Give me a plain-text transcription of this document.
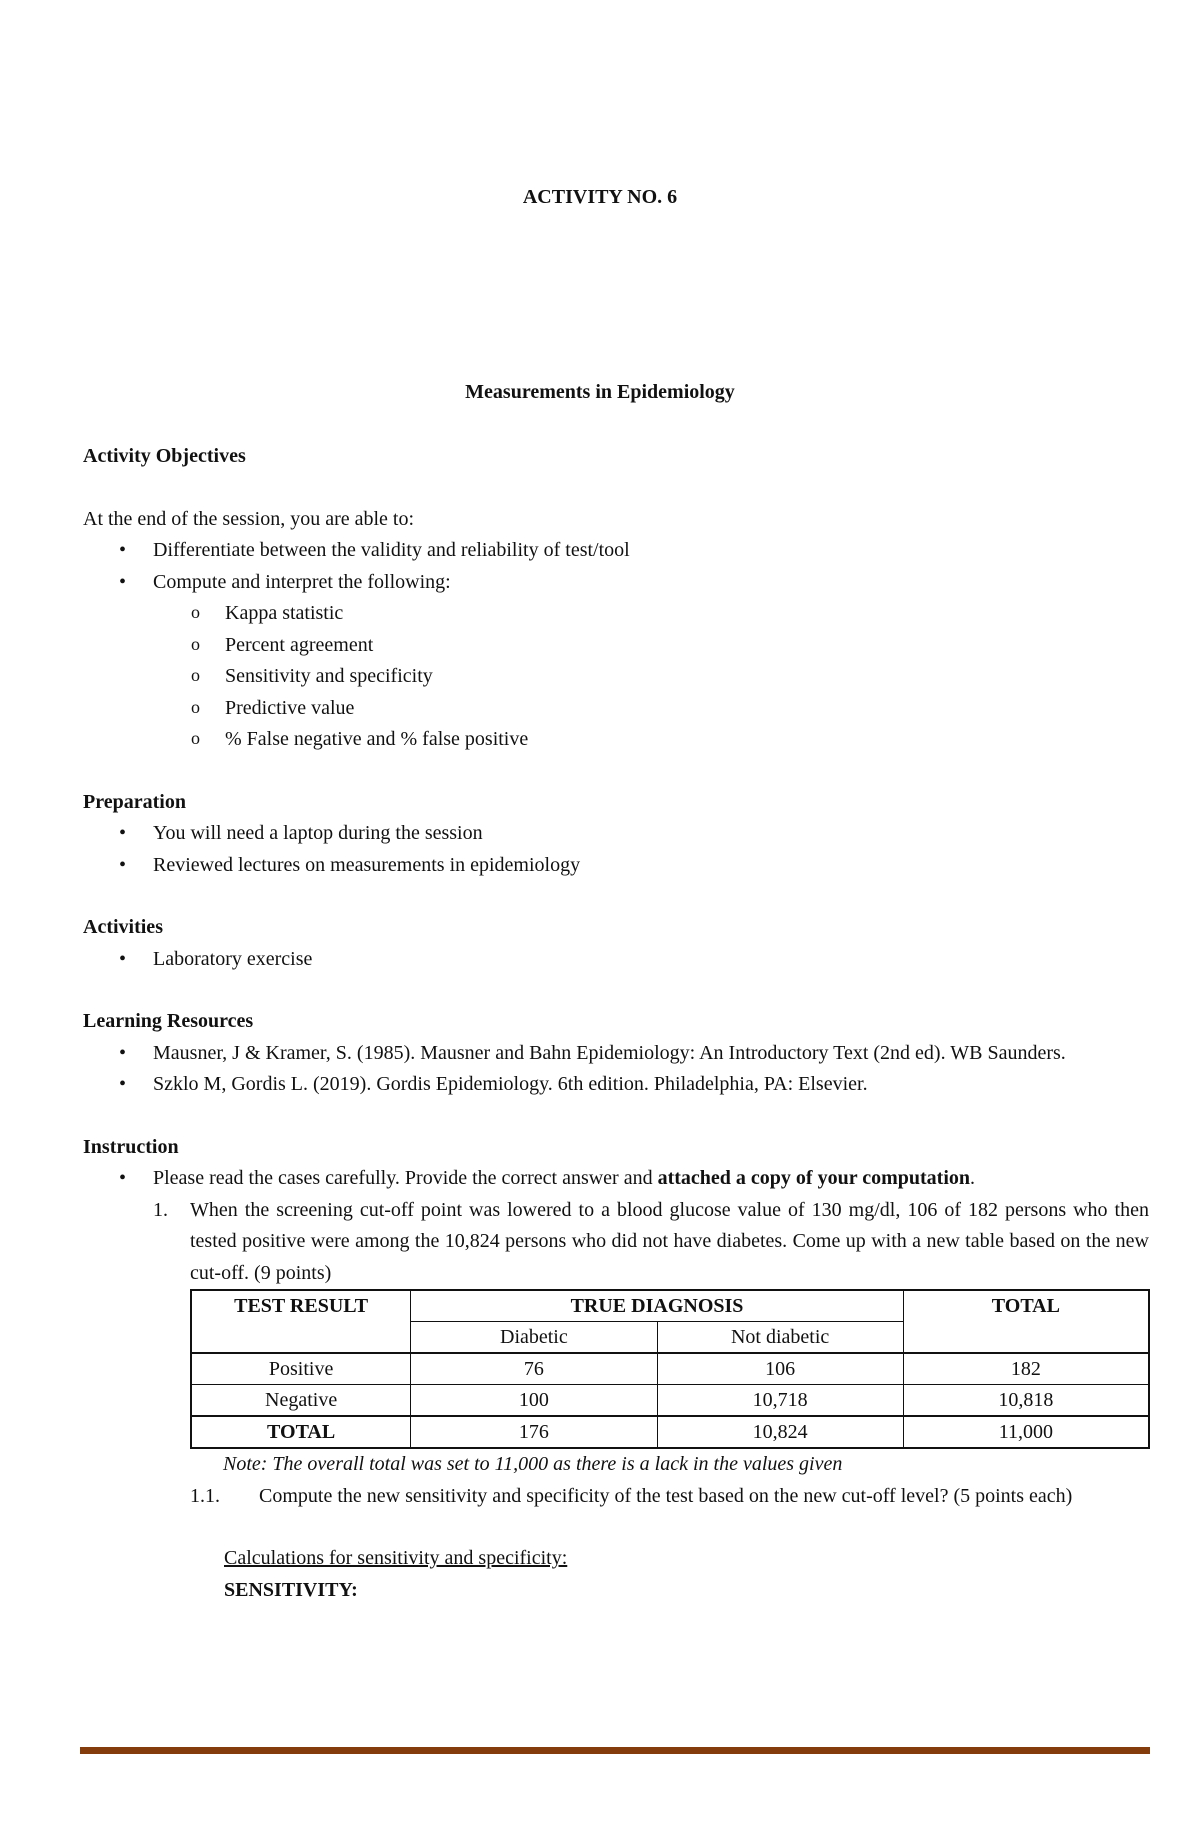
ACTIVITY NO. 6
Measurements in Epidemiology
Activity Objectives
At the end of the session, you are able to:
• Differentiate between the validity and reliability of test/tool
• Compute and interpret the following:
o Kappa statistic
o Percent agreement
o Sensitivity and specificity
o Predictive value
o % False negative and % false positive
Preparation
• You will need a laptop during the session
• Reviewed lectures on measurements in epidemiology
Activities
• Laboratory exercise
Learning Resources
• Mausner, J & Kramer, S. (1985). Mausner and Bahn Epidemiology: An Introductory Text (2nd ed). WB Saunders.
• Szklo M, Gordis L. (2019). Gordis Epidemiology. 6th edition. Philadelphia, PA: Elsevier.
Instruction
• Please read the cases carefully. Provide the correct answer and attached a copy of your computation.
1. When the screening cut-off point was lowered to a blood glucose value of 130 mg/dl, 106 of 182 persons who then tested positive were among the 10,824 persons who did not have diabetes. Come up with a new table based on the new cut-off. (9 points)
TEST RESULT	TRUE DIAGNOSIS		TOTAL
	Diabetic	Not diabetic	
Positive	76	106	182
Negative	100	10,718	10,818
TOTAL	176	10,824	11,000
Note: The overall total was set to 11,000 as there is a lack in the values given
1.1. Compute the new sensitivity and specificity of the test based on the new cut-off level? (5 points each)
Calculations for sensitivity and specificity:
SENSITIVITY:
